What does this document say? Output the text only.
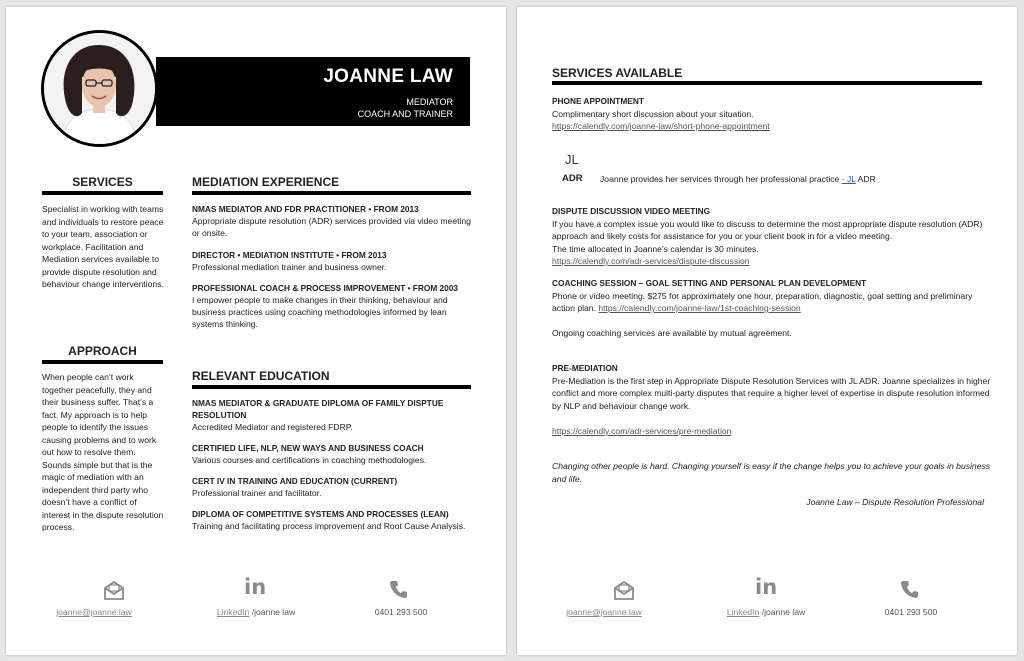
JOANNE LAW
MEDIATOR
COACH AND TRAINER
SERVICES
Specialist in working with teams and individuals to restore peace to your team, association or workplace. Facilitation and Mediation services available to provide dispute resolution and behaviour change interventions.
APPROACH
When people can’t work together peacefully, they and their business suffer. That’s a fact. My approach is to help people to identify the issues causing problems and to work out how to resolve them. Sounds simple but that is the magic of mediation with an independent third party who doesn’t have a conflict of interest in the dispute resolution process.
MEDIATION EXPERIENCE
NMAS MEDIATOR AND FDR PRACTITIONER • FROM 2013
Appropriate dispute resolution (ADR) services provided via video meeting or onsite.
DIRECTOR • MEDIATION INSTITUTE • FROM 2013
Professional mediation trainer and business owner.
PROFESSIONAL COACH & PROCESS IMPROVEMENT • FROM 2003
I empower people to make changes in their thinking, behaviour and business practices using coaching methodologies informed by lean systems thinking.
RELEVANT EDUCATION
NMAS MEDIATOR & GRADUATE DIPLOMA OF FAMILY DISPTUE RESOLUTION
Accredited Mediator and registered FDRP.
CERTIFIED LIFE, NLP, NEW WAYS AND BUSINESS COACH
Various courses and certifications in coaching methodologies.
CERT IV IN TRAINING AND EDUCATION (CURRENT)
Professional trainer and facilitator.
DIPLOMA OF COMPETITIVE SYSTEMS AND PROCESSES (LEAN)
Training and facilitating process improvement and Root Cause Analysis.
in
joanne@joanne.law	LinkedIn /joanne law	0401 293 500
SERVICES AVAILABLE
PHONE APPOINTMENT
Complimentary short discussion about your situation.
https://calendly.com/joanne-law/short-phone-appointment
JL
ADR Joanne provides her services through her professional practice - JL ADR
DISPUTE DISCUSSION VIDEO MEETING
If you have a complex issue you would like to discuss to determine the most appropriate dispute resolution (ADR) approach and likely costs for assistance for you or your client book in for a video meeting.
The time allocated in Joanne’s calendar is 30 minutes.
https://calendly.com/adr-services/dispute-discussion
COACHING SESSION – GOAL SETTING AND PERSONAL PLAN DEVELOPMENT
Phone or video meeting. $275 for approximately one hour, preparation, diagnostic, goal setting and preliminary action plan. https://calendly.com/joanne-law/1st-coaching-session
Ongoing coaching services are available by mutual agreement.
PRE-MEDIATION
Pre-Mediation is the first step in Appropriate Dispute Resolution Services with JL ADR. Joanne specializes in higher conflict and more complex multi-party disputes that require a higher level of expertise in dispute resolution informed by NLP and behaviour change work.
https://calendly.com/adr-services/pre-mediation
Changing other people is hard. Changing yourself is easy if the change helps you to achieve your goals in business and life.
Joanne Law – Dispute Resolution Professional
in
joanne@joanne.law	LinkedIn /joanne law	0401 293 500
